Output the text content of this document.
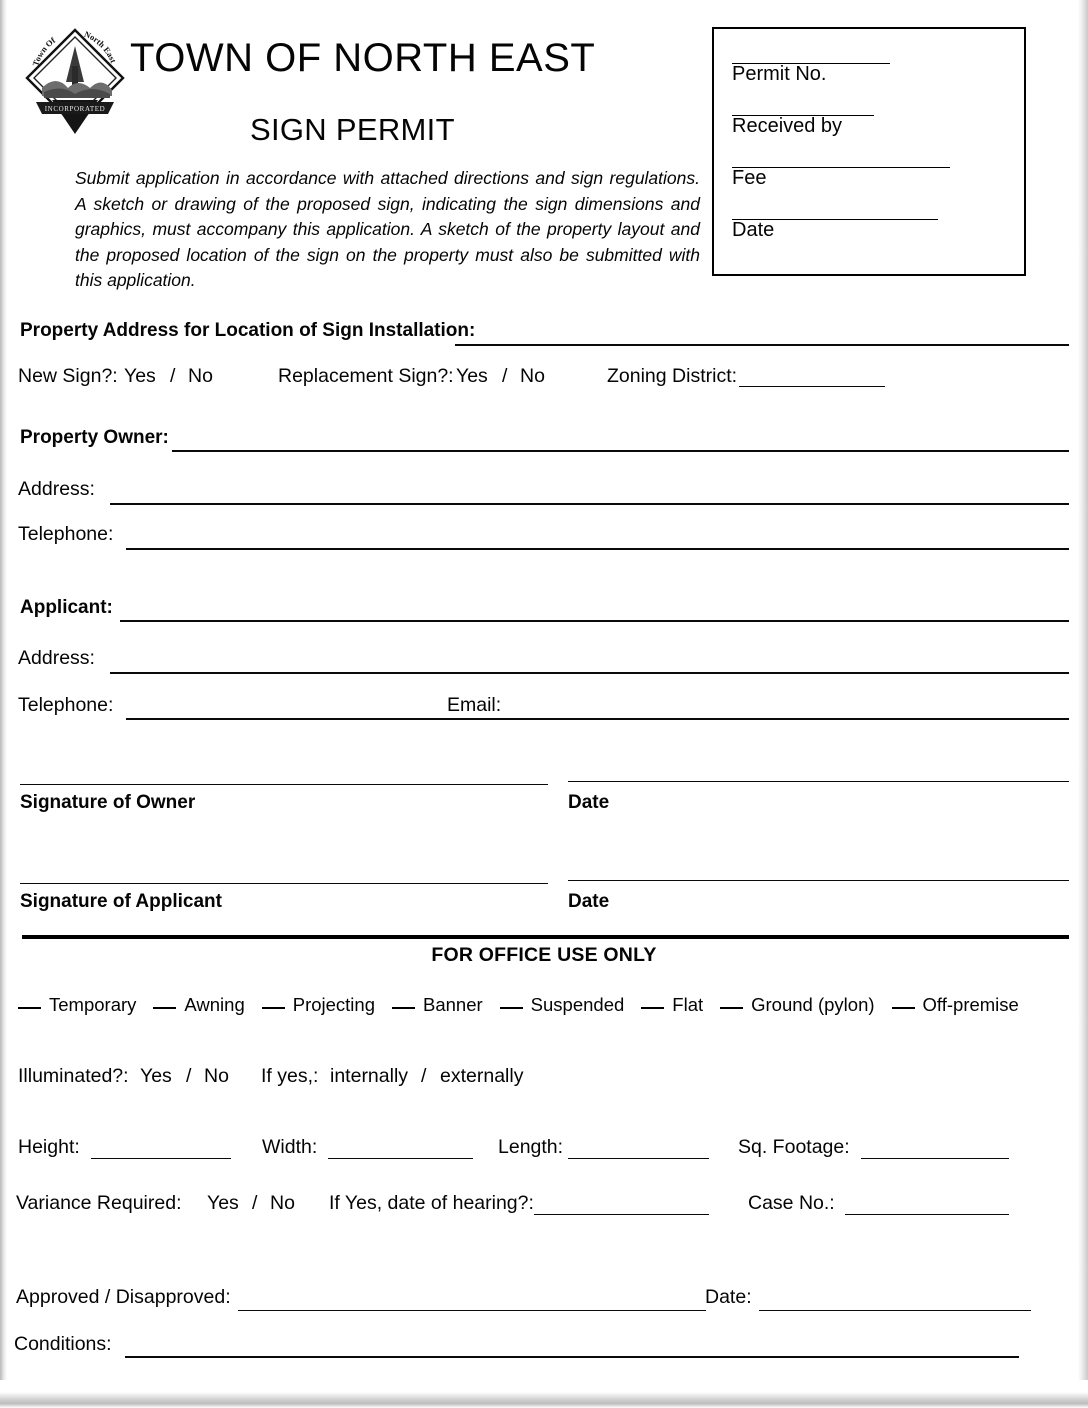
Town Of	North East
INCORPORATED
TOWN OF NORTH EAST
SIGN PERMIT
Submit application in accordance with attached directions and sign regulations. A sketch or drawing of the proposed sign, indicating the sign dimensions and graphics, must accompany this application. A sketch of the property layout and the proposed location of the sign on the property must also be submitted with this application.
Permit No.
Received by
Fee
Date
Property Address for Location of Sign Installation:
New Sign?: Yes / No	Replacement Sign?: Yes / No	Zoning District:
Property Owner:
Address:
Telephone:
Applicant:
Address:
Telephone:	Email:
Signature of Owner	Date
Signature of Applicant	Date
FOR OFFICE USE ONLY
Temporary	Awning	Projecting	Banner	Suspended	Flat	Ground (pylon)	Off-premise
Illuminated?: Yes / No If yes,: internally / externally
Height:	Width:	Length:	Sq. Footage:
Variance Required: Yes / No If Yes, date of hearing?:	Case No.:
Approved / Disapproved:	Date:
Conditions:
